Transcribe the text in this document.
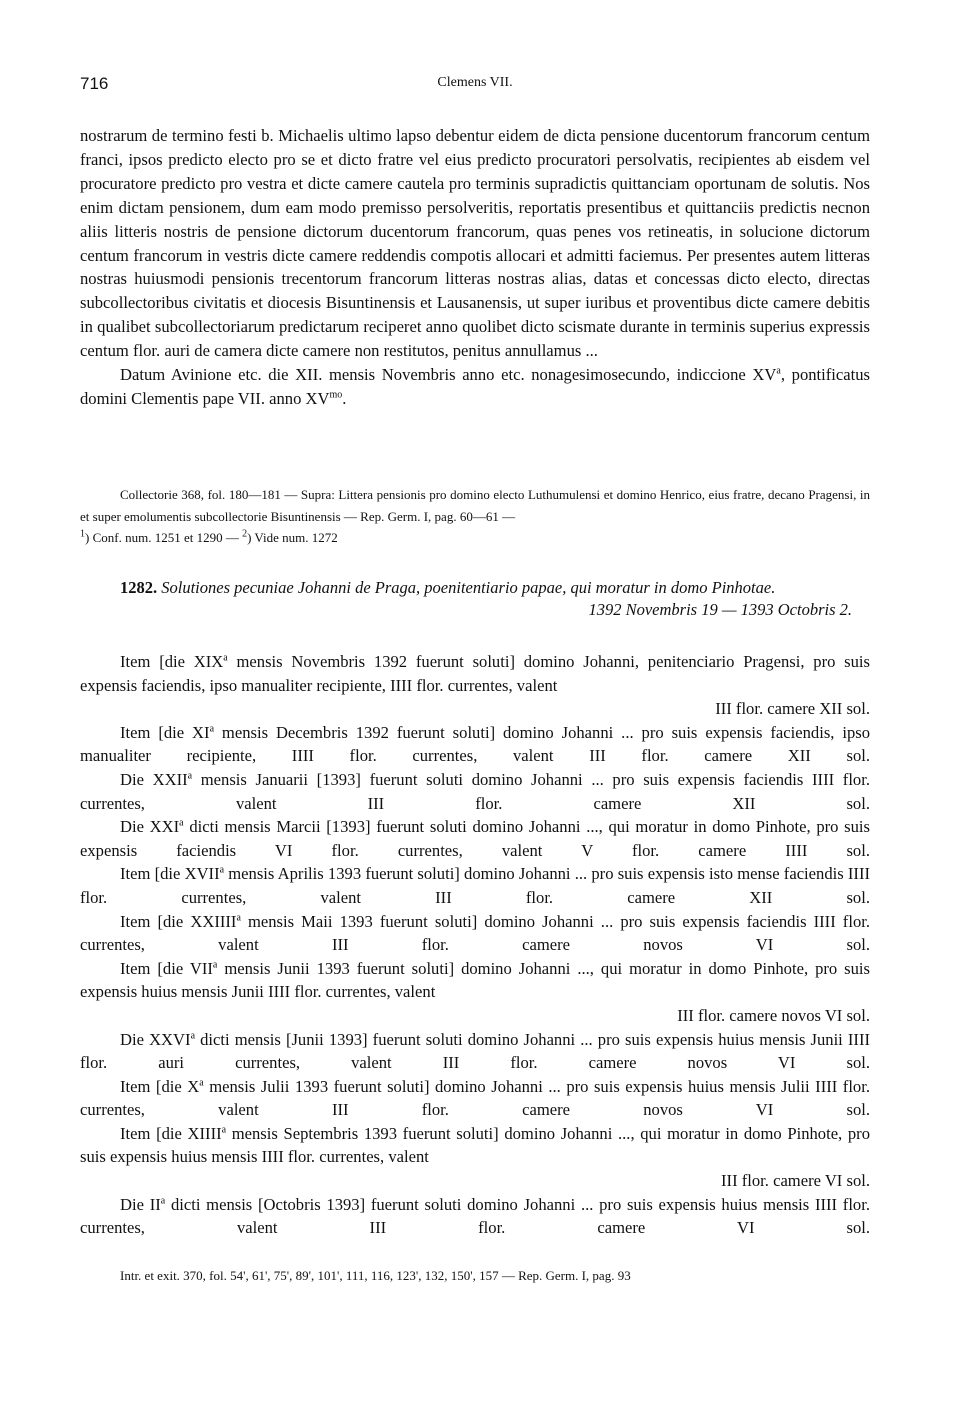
716	Clemens VII.

nostrarum de termino festi b. Michaelis ultimo lapso debentur eidem de dicta pensione ducentorum francorum centum franci, ipsos predicto electo pro se et dicto fratre vel eius predicto procuratori persolvatis, recipientes ab eisdem vel procuratore predicto pro vestra et dicte camere cautela pro terminis supradictis quittanciam oportunam de solutis. Nos enim dictam pensionem, dum eam modo premisso persolveritis, reportatis presentibus et quittanciis predictis necnon aliis litteris nostris de pensione dictorum ducentorum francorum, quas penes vos retineatis, in solucione dictorum centum francorum in vestris dicte camere reddendis compotis allocari et admitti faciemus. Per presentes autem litteras nostras huiusmodi pensionis trecentorum francorum litteras nostras alias, datas et concessas dicto electo, directas subcollectoribus civitatis et diocesis Bisuntinensis et Lausanensis, ut super iuribus et proventibus dicte camere debitis in qualibet subcollectoriarum predictarum reciperet anno quolibet dicto scismate durante in terminis superius expressis centum flor. auri de camera dicte camere non restitutos, penitus annullamus ...

Datum Avinione etc. die XII. mensis Novembris anno etc. nonagesimosecundo, indiccione $XV^a$, pontificatus domini Clementis pape VII. anno $XV^{mo}$.

Collectorie 368, fol. 180—181 — Supra: Littera pensionis pro domino electo Luthumulensi et domino Henrico, eius fratre, decano Pragensi, in et super emolumentis subcollectorie Bisuntinensis — Rep. Germ. I, pag. 60—61 —

$^1$) Conf. num. 1251 et 1290 — $^2$) Vide num. 1272

1282. Solutiones pecuniae Johanni de Praga, poenitentiario papae, qui moratur in domo Pinhotae.
1392 Novembris 19 — 1393 Octobris 2.

Item [die XIX$^a$ mensis Novembris 1392 fuerunt soluti] domino Johanni, penitenciario Pragensi, pro suis expensis faciendis, ipso manualiter recipiente, IIII flor. currentes, valent
III flor. camere XII sol.

Item [die $XI^a$ mensis Decembris 1392 fuerunt soluti] domino Johanni ... pro suis expensis faciendis, ipso manualiter recipiente, IIII flor. currentes, valent III flor. camere XII sol.

Die XXII$^a$ mensis Januarii [1393] fuerunt soluti domino Johanni ... pro suis expensis faciendis IIII flor. currentes, valent	III flor. camere XII sol.

Die XXI$^a$ dicti mensis Marcii [1393] fuerunt soluti domino Johanni ..., qui moratur in domo Pinhote, pro suis expensis faciendis VI flor. currentes, valent V flor. camere IIII sol.

Item [die XVII$^a$ mensis Aprilis 1393 fuerunt soluti] domino Johanni ... pro suis expensis isto mense faciendis IIII flor. currentes, valent	III flor. camere XII sol.

Item [die XXIIII$^a$ mensis Maii 1393 fuerunt soluti] domino Johanni ... pro suis expensis faciendis IIII flor. currentes, valent	III flor. camere novos VI sol.

Item [die VII$^a$ mensis Junii 1393 fuerunt soluti] domino Johanni ..., qui moratur in domo Pinhote, pro suis expensis huius mensis Junii IIII flor. currentes, valent
III flor. camere novos VI sol.

Die XXVI$^a$ dicti mensis [Junii 1393] fuerunt soluti domino Johanni ... pro suis expensis huius mensis Junii IIII flor. auri currentes, valent	III flor. camere novos VI sol.

Item [die $X^a$ mensis Julii 1393 fuerunt soluti] domino Johanni ... pro suis expensis huius mensis Julii IIII flor. currentes, valent	III flor. camere novos VI sol.

Item [die XIIII$^a$ mensis Septembris 1393 fuerunt soluti] domino Johanni ..., qui moratur in domo Pinhote, pro suis expensis huius mensis IIII flor. currentes, valent
III flor. camere VI sol.

Die $II^a$ dicti mensis [Octobris 1393] fuerunt soluti domino Johanni ... pro suis expensis huius mensis IIII flor. currentes, valent	III flor. camere VI sol.

Intr. et exit. 370, fol. 54', 61', 75', 89', 101', 111, 116, 123', 132, 150', 157 — Rep. Germ. I, pag. 93
